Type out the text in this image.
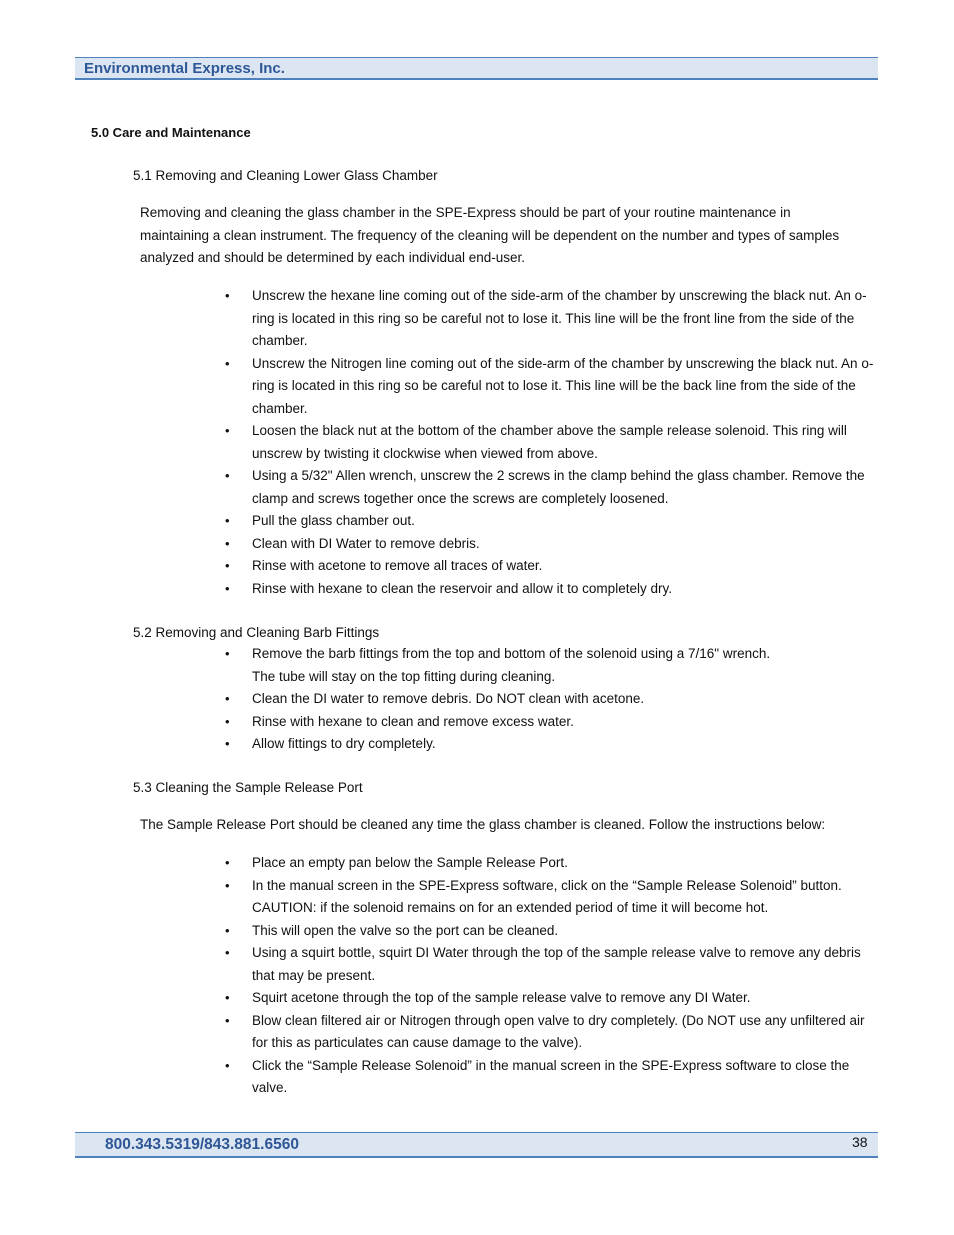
Environmental Express, Inc.
5.0 Care and Maintenance
5.1 Removing and Cleaning Lower Glass Chamber
Removing and cleaning the glass chamber in the SPE-Express should be part of your routine maintenance in maintaining a clean instrument. The frequency of the cleaning will be dependent on the number and types of samples analyzed and should be determined by each individual end-user.
• Unscrew the hexane line coming out of the side-arm of the chamber by unscrewing the black nut. An o-ring is located in this ring so be careful not to lose it. This line will be the front line from the side of the chamber.
• Unscrew the Nitrogen line coming out of the side-arm of the chamber by unscrewing the black nut. An o-ring is located in this ring so be careful not to lose it. This line will be the back line from the side of the chamber.
• Loosen the black nut at the bottom of the chamber above the sample release solenoid. This ring will unscrew by twisting it clockwise when viewed from above.
• Using a 5/32" Allen wrench, unscrew the 2 screws in the clamp behind the glass chamber. Remove the clamp and screws together once the screws are completely loosened.
• Pull the glass chamber out.
• Clean with DI Water to remove debris.
• Rinse with acetone to remove all traces of water.
• Rinse with hexane to clean the reservoir and allow it to completely dry.
5.2 Removing and Cleaning Barb Fittings
• Remove the barb fittings from the top and bottom of the solenoid using a 7/16" wrench.
The tube will stay on the top fitting during cleaning.
• Clean the DI water to remove debris. Do NOT clean with acetone.
• Rinse with hexane to clean and remove excess water.
• Allow fittings to dry completely.
5.3 Cleaning the Sample Release Port
The Sample Release Port should be cleaned any time the glass chamber is cleaned. Follow the instructions below:
• Place an empty pan below the Sample Release Port.
• In the manual screen in the SPE-Express software, click on the “Sample Release Solenoid” button.
CAUTION: if the solenoid remains on for an extended period of time it will become hot.
• This will open the valve so the port can be cleaned.
• Using a squirt bottle, squirt DI Water through the top of the sample release valve to remove any debris that may be present.
• Squirt acetone through the top of the sample release valve to remove any DI Water.
• Blow clean filtered air or Nitrogen through open valve to dry completely. (Do NOT use any unfiltered air for this as particulates can cause damage to the valve).
• Click the “Sample Release Solenoid” in the manual screen in the SPE-Express software to close the valve.
800.343.5319/843.881.6560	38
